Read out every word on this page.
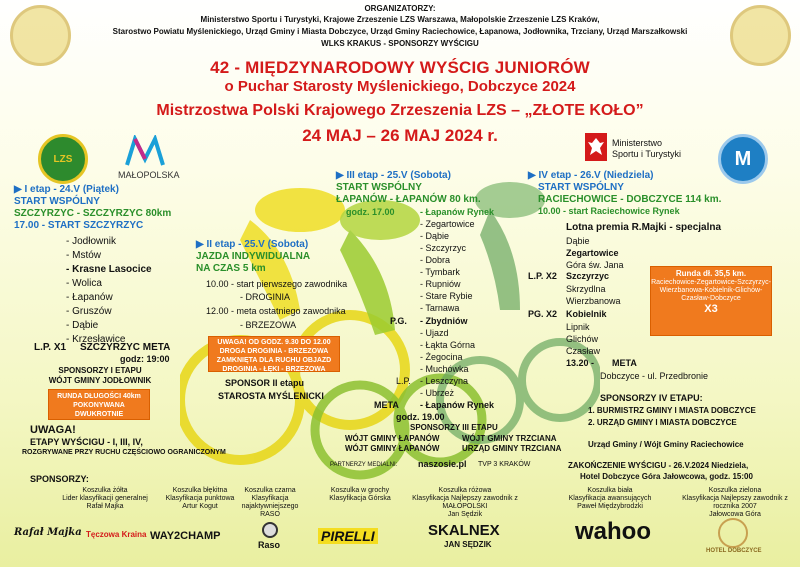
ORGANIZATORZY:
Ministerstwo Sportu i Turystyki, Krajowe Zrzeszenie LZS Warszawa, Małopolskie Zrzeszenie LZS Kraków,
Starostwo Powiatu Myślenickiego, Urząd Gminy i Miasta Dobczyce, Urząd Gminy Raciechowice, Łapanowa, Jodłownika, Trzciany, Urząd Marszałkowski
WLKS KRAKUS - SPONSORZY WYŚCIGU
42 - MIĘDZYNARODOWY WYŚCIG JUNIORÓW
o Puchar Starosty Myślenickiego, Dobczyce 2024
Mistrzostwa Polski Krajowego Zrzeszenia LZS – „ZŁOTE KOŁO”
24 MAJ – 26 MAJ 2024 r.
LZS
MAŁOPOLSKA
Ministerstwo
Sportu i Turystyki	M
▶ I etap - 24.V (Piątek)
START WSPÓLNY
SZCZYRZYC - SZCZYRZYC 80km
17.00 - START SZCZYRZYC
- Jodłownik
- Mstów
- Krasne Lasocice
- Wolica
- Łapanów
- Gruszów
- Dąbie
- Krzesławice
L.P. X1 SZCZYRZYC META
godz: 19:00
SPONSORZY I ETAPU
WÓJT GMINY JODŁOWNIK
RUNDA DŁUGOŚCI 40km POKONYWANA DWUKROTNIE
UWAGA!
ETAPY WYŚCIGU - I, III, IV,
ROZGRYWANE PRZY RUCHU CZĘŚCIOWO OGRANICZONYM
▶ II etap - 25.V (Sobota)
JAZDA INDYWIDUALNA
NA CZAS 5 km
10.00 - start pierwszego zawodnika
- DROGINIA
12.00 - meta ostatniego zawodnika
- BRZEZOWA
UWAGA! OD GODZ. 9.30 DO 12.00 DROGA DROGINIA - BRZEZOWA ZAMKNIĘTA DLA RUCHU OBJAZD DROGINIA - ŁĘKI - BRZEZOWA
SPONSOR II etapu
STAROSTA MYŚLENICKI
▶ III etap - 25.V (Sobota)
START WSPÓLNY
ŁAPANÓW - ŁAPANÓW 80 km.
godz. 17.00	- Łapanów Rynek
- Zegartowice
- Dąbie
- Szczyrzyc
- Dobra
- Tymbark
- Rupniów
- Stare Rybie
- Tarnawa
P.G. - Zbydniów
- Ujazd
- Łąkta Górna
- Żegocina
- Muchówka
L.P. - Leszczyna
- Ubrzeż
META - Łapanów Rynek
godz. 19.00
SPONSORZY III ETAPU
WÓJT GMINY ŁAPANÓW
WÓJT GMINY ŁAPANÓW
WÓJT GMINY TRZCIANA
URZĄD GMINY TRZCIANA
PARTNERZY MEDIALNI: naszosie.pl TVP 3 KRAKÓW
▶ IV etap - 26.V (Niedziela)
START WSPÓLNY
RACIECHOWICE - DOBCZYCE 114 km.
10.00 - start Raciechowice Rynek
Lotna premia R.Majki - specjalna
Dąbie
Zegartowice
Góra św. Jana
L.P. X2 Szczyrzyc
Skrzydlna
Wierzbanowa
PG. X2 Kobielnik
Lipnik
Glichów
Czasław
13.20 - META
Dobczyce - ul. Przedbronie
Runda dł. 35,5 km.
Raciechowice-Zegartowice-Szczyrzyc-Wierzbanowa-Kobielnik-Glichów-Czasław-Dobczyce
X3
SPONSORZY IV ETAPU:
1. BURMISTRZ GMINY I MIASTA DOBCZYCE
2. URZĄD GMINY I MIASTA DOBCZYCE
Urząd Gminy / Wójt Gminy Raciechowice
ZAKOŃCZENIE WYŚCIGU - 26.V.2024 Niedziela,
Hotel Dobczyce Góra Jałowcowa, godz. 15:00
SPONSORZY:
Koszulka żółta
Lider klasyfikacji generalnej
Rafał Majka
Koszulka błękitna
Klasyfikacja punktowa
Artur Kogut
Koszulka czarna
Klasyfikacja najaktywniejszego
RASO
Koszulka w grochy
Klasyfikacja Górska
Koszulka różowa
Klasyfikacja Najlepszy zawodnik z MAŁOPOLSKI
Jan Sędzik
Koszulka biała
Klasyfikacja awansujących
Paweł Międzybrodzki
Koszulka zielona
Klasyfikacja Najlepszy zawodnik z rocznika 2007
Jałowcowa Góra
Rafał Majka Tęczowa Kraina WAY2CHAMP
Raso
PIRELLI	SKALNEX
JAN SĘDZIK	wahoo
HOTEL DOBCZYCE
